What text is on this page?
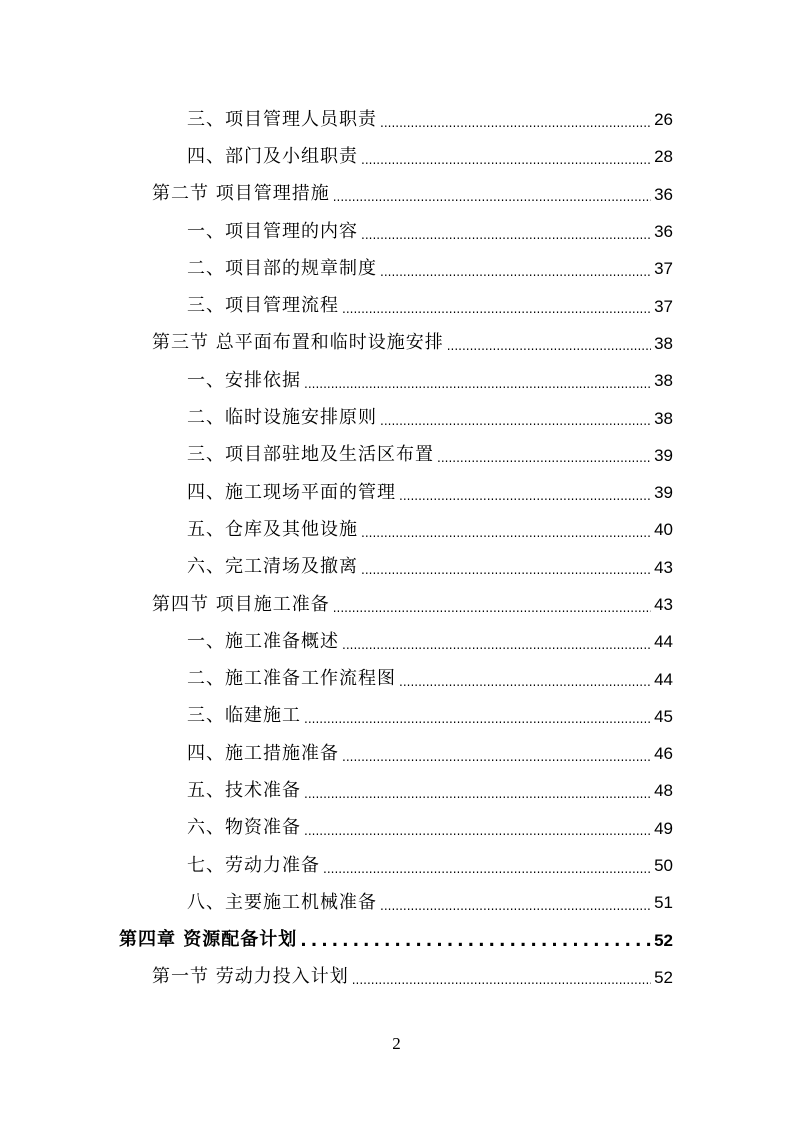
三、项目管理人员职责 .....	26
四、部门及小组职责 .....	28
第二节 项目管理措施 .....	36
一、项目管理的内容 .....	36
二、项目部的规章制度 .....	37
三、项目管理流程 .....	37
第三节 总平面布置和临时设施安排 .....	38
一、安排依据 .....	38
二、临时设施安排原则 .....	38
三、项目部驻地及生活区布置 .....	39
四、施工现场平面的管理 .....	39
五、仓库及其他设施 .....	40
六、完工清场及撤离 .....	43
第四节 项目施工准备 .....	43
一、施工准备概述 .....	44
二、施工准备工作流程图 .....	44
三、临建施工 .....	45
四、施工措施准备 .....	46
五、技术准备 .....	48
六、物资准备 .....	49
七、劳动力准备 .....	50
八、主要施工机械准备 .....	51
第四章 资源配备计划 .....	52
第一节 劳动力投入计划 .....	52
2
